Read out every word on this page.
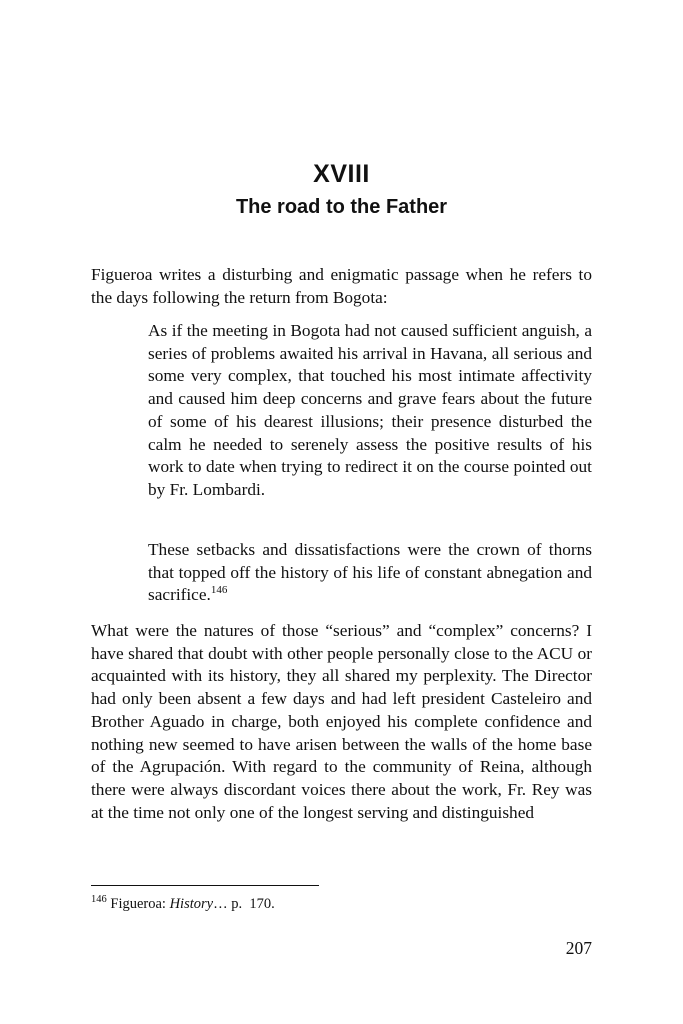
XVIII
The road to the Father

Figueroa writes a disturbing and enigmatic passage when he refers to the days following the return from Bogota:

As if the meeting in Bogota had not caused sufficient anguish, a series of problems awaited his arrival in Havana, all serious and some very complex, that touched his most intimate affectivity and caused him deep concerns and grave fears about the future of some of his dearest illusions; their presence disturbed the calm he needed to serenely assess the positive results of his work to date when trying to redirect it on the course pointed out by Fr. Lombardi.

These setbacks and dissatisfactions were the crown of thorns that topped off the history of his life of constant abnegation and sacrifice.$^{146}$

What were the natures of those “serious” and “complex” concerns? I have shared that doubt with other people personally close to the ACU or acquainted with its history, they all shared my perplexity. The Director had only been absent a few days and had left president Casteleiro and Brother Aguado in charge, both enjoyed his complete confidence and nothing new seemed to have arisen between the walls of the home base of the Agrupación. With regard to the community of Reina, although there were always discordant voices there about the work, Fr. Rey was at the time not only one of the longest serving and distinguished

$^{146}$ Figueroa: History… p.  170.
207
